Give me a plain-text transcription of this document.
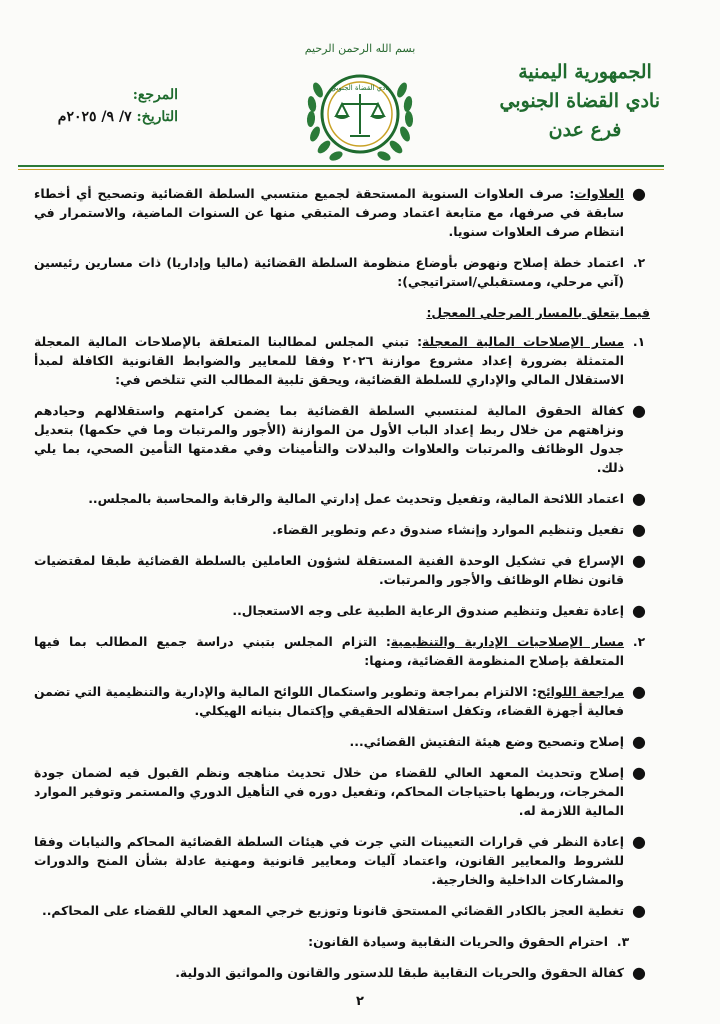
الجمهورية اليمنية
نادي القضاة الجنوبي
فرع عدن
بسم الله الرحمن الرحيم
نادي القضاة الجنوبي
المرجع:
التاريخ: ٧/ ٩/ ٢٠٢٥م
●
العلاوات: صرف العلاوات السنوية المستحقة لجميع منتسبي السلطة القضائية وتصحيح أي أخطاء سابقة في صرفها، مع متابعة اعتماد وصرف المتبقي منها عن السنوات الماضية، والاستمرار في انتظام صرف العلاوات سنويا.
٢.
اعتماد خطة إصلاح ونهوض بأوضاع منظومة السلطة القضائية (ماليا وإداريا) ذات مسارين رئيسين (آني مرحلي، ومستقبلي/استراتيجي):
فيما يتعلق بالمسار المرحلي المعجل:
١.
مسار الإصلاحات المالية المعجلة: تبني المجلس لمطالبنا المتعلقة بالإصلاحات المالية المعجلة المتمثلة بضرورة إعداد مشروع موازنة ٢٠٢٦ وفقا للمعايير والضوابط القانونية الكافلة لمبدأ الاستقلال المالي والإداري للسلطة القضائية، ويحقق تلبية المطالب التي تتلخص في:
●
كفالة الحقوق المالية لمنتسبي السلطة القضائية بما يضمن كرامتهم واستقلالهم وحيادهم ونزاهتهم من خلال ربط إعداد الباب الأول من الموازنة (الأجور والمرتبات وما في حكمها) بتعديل جدول الوظائف والمرتبات والعلاوات والبدلات والتأمينات وفي مقدمتها التأمين الصحي، بما يلي ذلك.
●
اعتماد اللائحة المالية، وتفعيل وتحديث عمل إدارتي المالية والرقابة والمحاسبة بالمجلس..
●
تفعيل وتنظيم الموارد وإنشاء صندوق دعم وتطوير القضاء.
●
الإسراع في تشكيل الوحدة الفنية المستقلة لشؤون العاملين بالسلطة القضائية طبقا لمقتضيات قانون نظام الوظائف والأجور والمرتبات.
●
إعادة تفعيل وتنظيم صندوق الرعاية الطبية على وجه الاستعجال..
٢.
مسار الإصلاحيات الإدارية والتنظيمية: التزام المجلس بتبني دراسة جميع المطالب بما فيها المتعلقة بإصلاح المنظومة القضائية، ومنها:
●
مراجعة اللوائح: الالتزام بمراجعة وتطوير واستكمال اللوائح المالية والإدارية والتنظيمية التي تضمن فعالية أجهزة القضاء، وتكفل استقلاله الحقيقي وإكتمال بنيانه الهيكلي.
●
إصلاح وتصحيح وضع هيئة التفتيش القضائي...
●
إصلاح وتحديث المعهد العالي للقضاء من خلال تحديث مناهجه ونظم القبول فيه لضمان جودة المخرجات، وربطها باحتياجات المحاكم، وتفعيل دوره في التأهيل الدوري والمستمر وتوفير الموارد المالية اللازمة له.
●
إعادة النظر في قرارات التعيينات التي جرت في هيئات السلطة القضائية المحاكم والنيابات وفقا للشروط والمعايير القانون، واعتماد آليات ومعايير قانونية ومهنية عادلة بشأن المنح والدورات والمشاركات الداخلية والخارجية.
●
تغطية العجز بالكادر القضائي المستحق قانونا وتوزيع خرجي المعهد العالي للقضاء على المحاكم..
٣.
احترام الحقوق والحريات النقابية وسيادة القانون:
●
كفالة الحقوق والحريات النقابية طبقا للدستور والقانون والمواثيق الدولية.
٢
